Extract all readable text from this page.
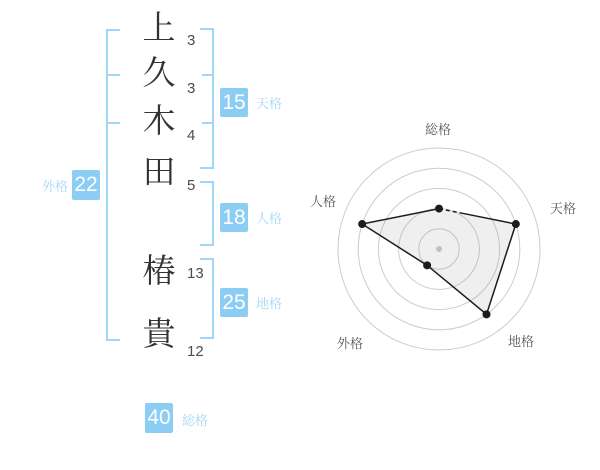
上
久
木
田
椿
貴
3
3
4
5
13
12
15 天格
18 人格
25 地格
外格 22
40 総格
総格
天格
地格
外格
人格
